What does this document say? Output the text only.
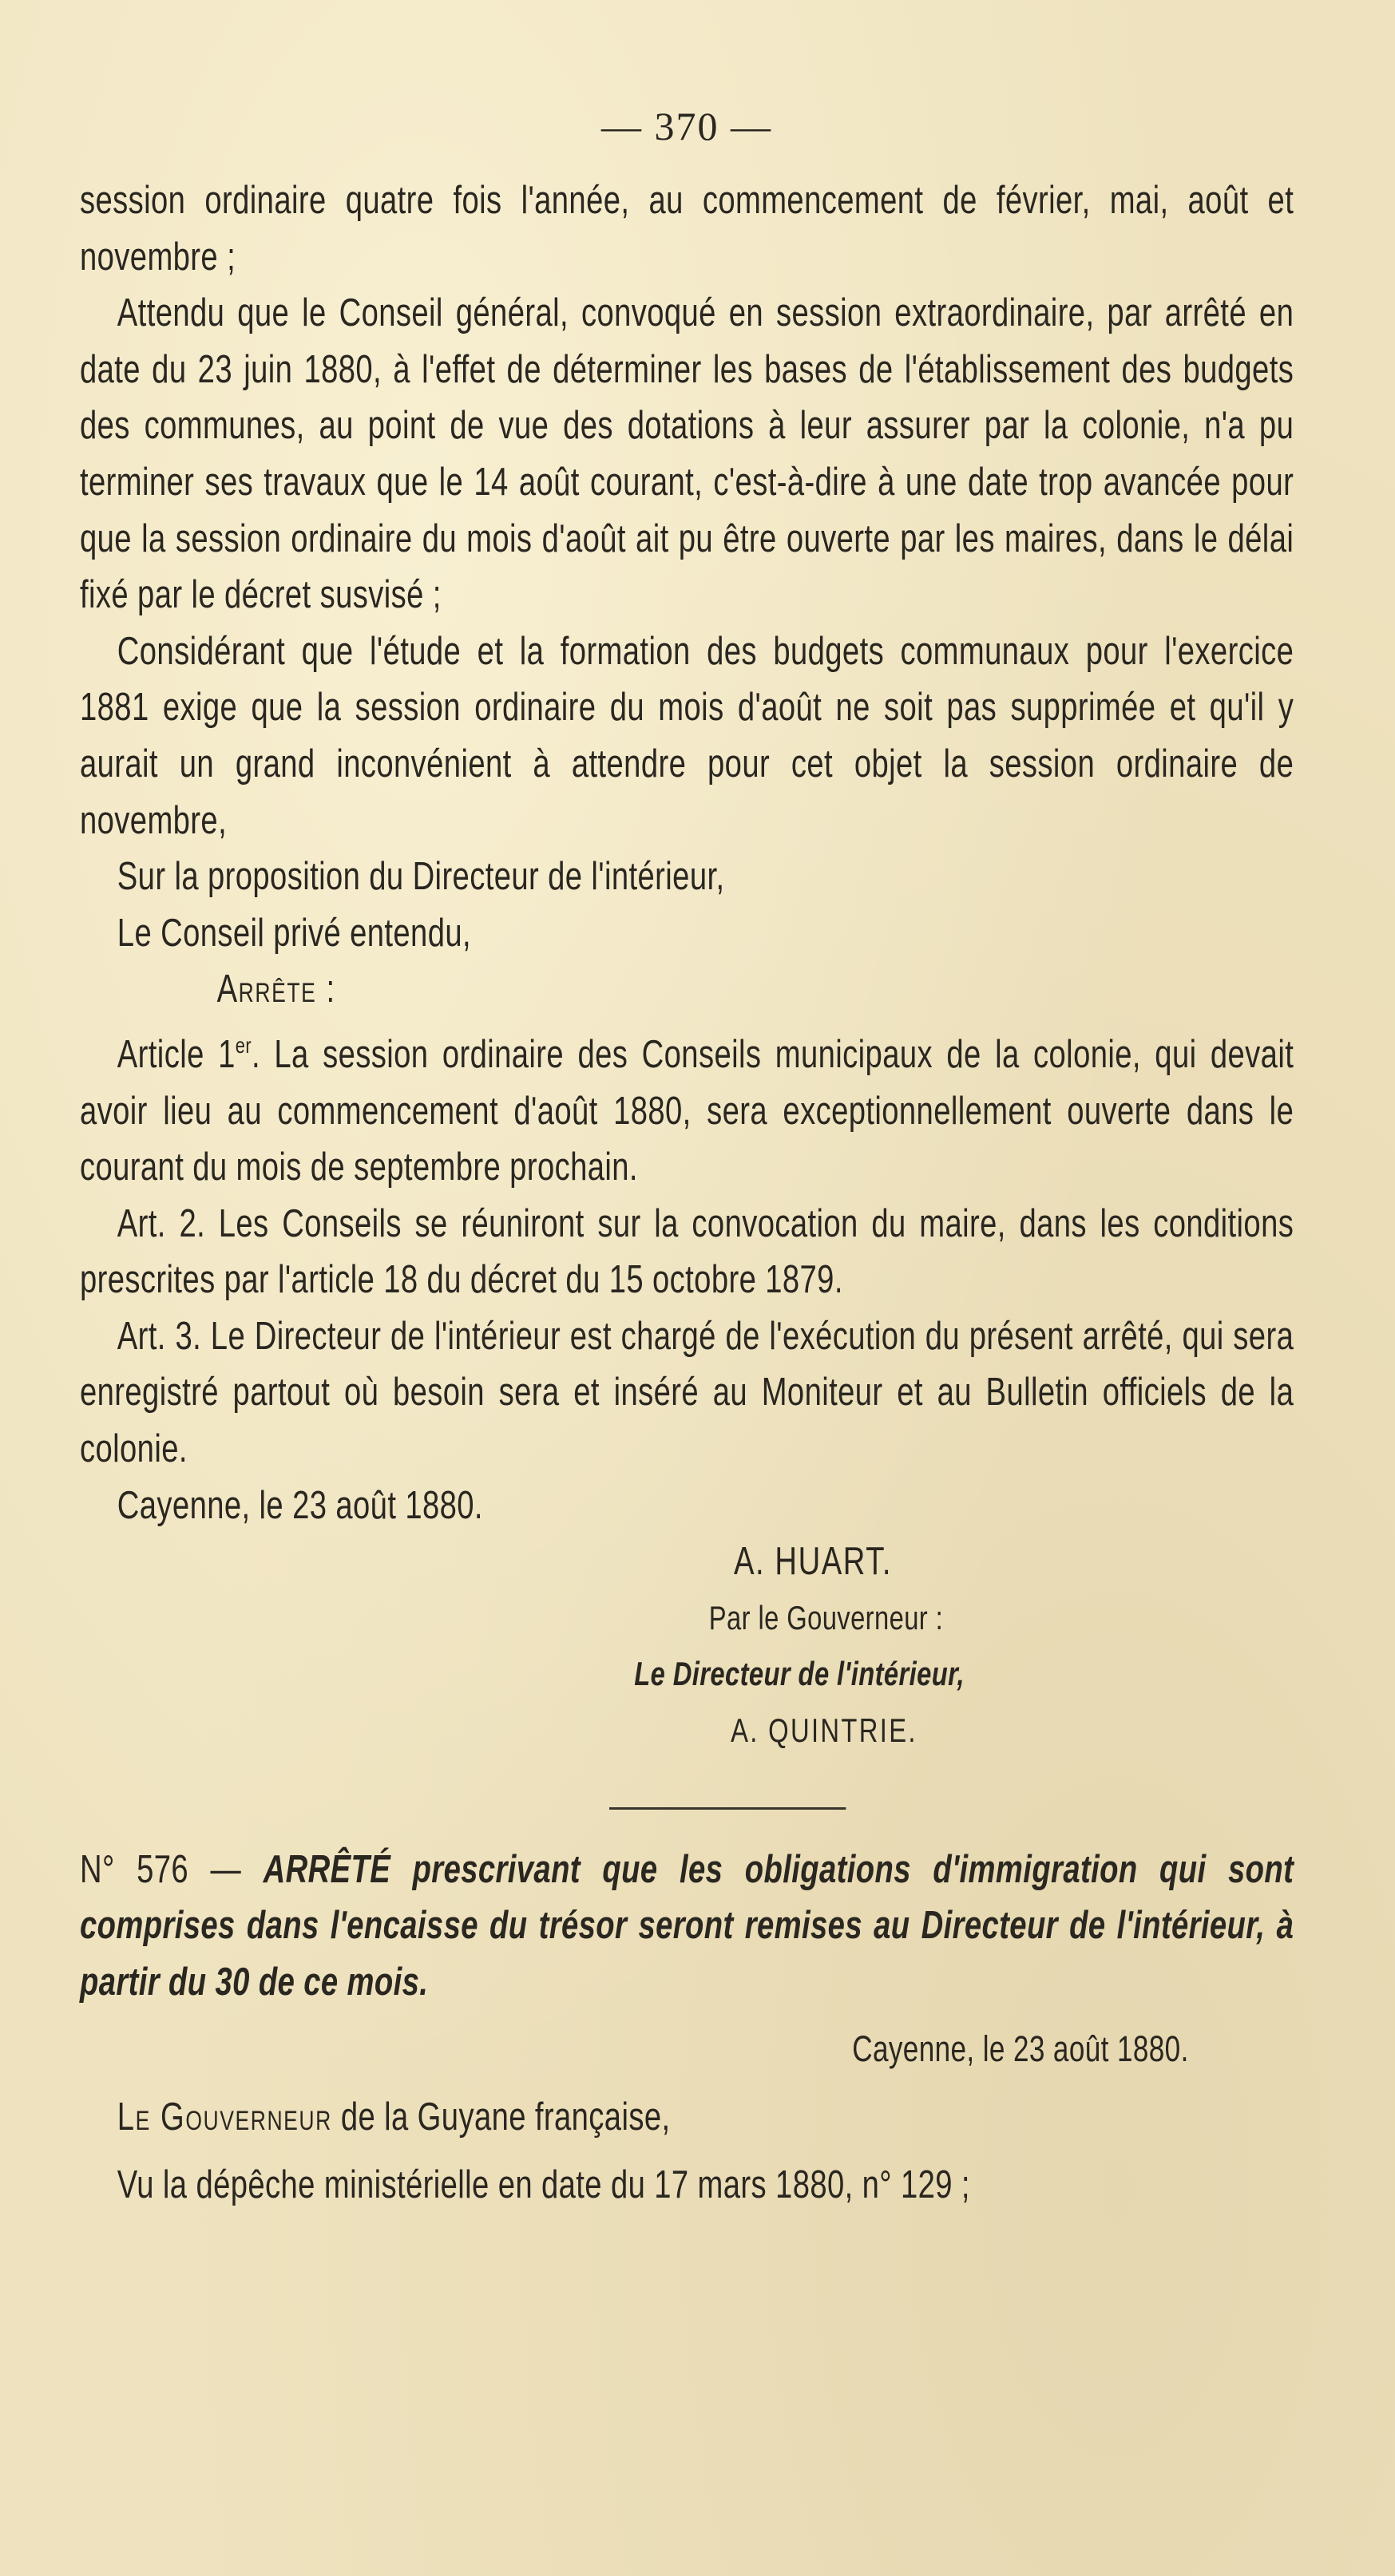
— 370 —

session ordinaire quatre fois l'année, au commencement de février, mai, août et novembre ;

Attendu que le Conseil général, convoqué en session extraordinaire, par arrêté en date du 23 juin 1880, à l'effet de déterminer les bases de l'établissement des budgets des communes, au point de vue des dotations à leur assurer par la colonie, n'a pu terminer ses travaux que le 14 août courant, c'est-à-dire à une date trop avancée pour que la session ordinaire du mois d'août ait pu être ouverte par les maires, dans le délai fixé par le décret susvisé ;

Considérant que l'étude et la formation des budgets communaux pour l'exercice 1881 exige que la session ordinaire du mois d'août ne soit pas supprimée et qu'il y aurait un grand inconvénient à attendre pour cet objet la session ordinaire de novembre,

Sur la proposition du Directeur de l'intérieur,

Le Conseil privé entendu,

Arrête :

Article 1er. La session ordinaire des Conseils municipaux de la colonie, qui devait avoir lieu au commencement d'août 1880, sera exceptionnellement ouverte dans le courant du mois de septembre prochain.

Art. 2. Les Conseils se réuniront sur la convocation du maire, dans les conditions prescrites par l'article 18 du décret du 15 octobre 1879.

Art. 3. Le Directeur de l'intérieur est chargé de l'exécution du présent arrêté, qui sera enregistré partout où besoin sera et inséré au Moniteur et au Bulletin officiels de la colonie.

Cayenne, le 23 août 1880.

A. HUART.

Par le Gouverneur :

Le Directeur de l'intérieur,

A. QUINTRIE.

N° 576 — ARRÊTÉ prescrivant que les obligations d'immigration qui sont comprises dans l'encaisse du trésor seront remises au Directeur de l'intérieur, à partir du 30 de ce mois.

Cayenne, le 23 août 1880.

Le Gouverneur de la Guyane française,

Vu la dépêche ministérielle en date du 17 mars 1880, n° 129 ;
